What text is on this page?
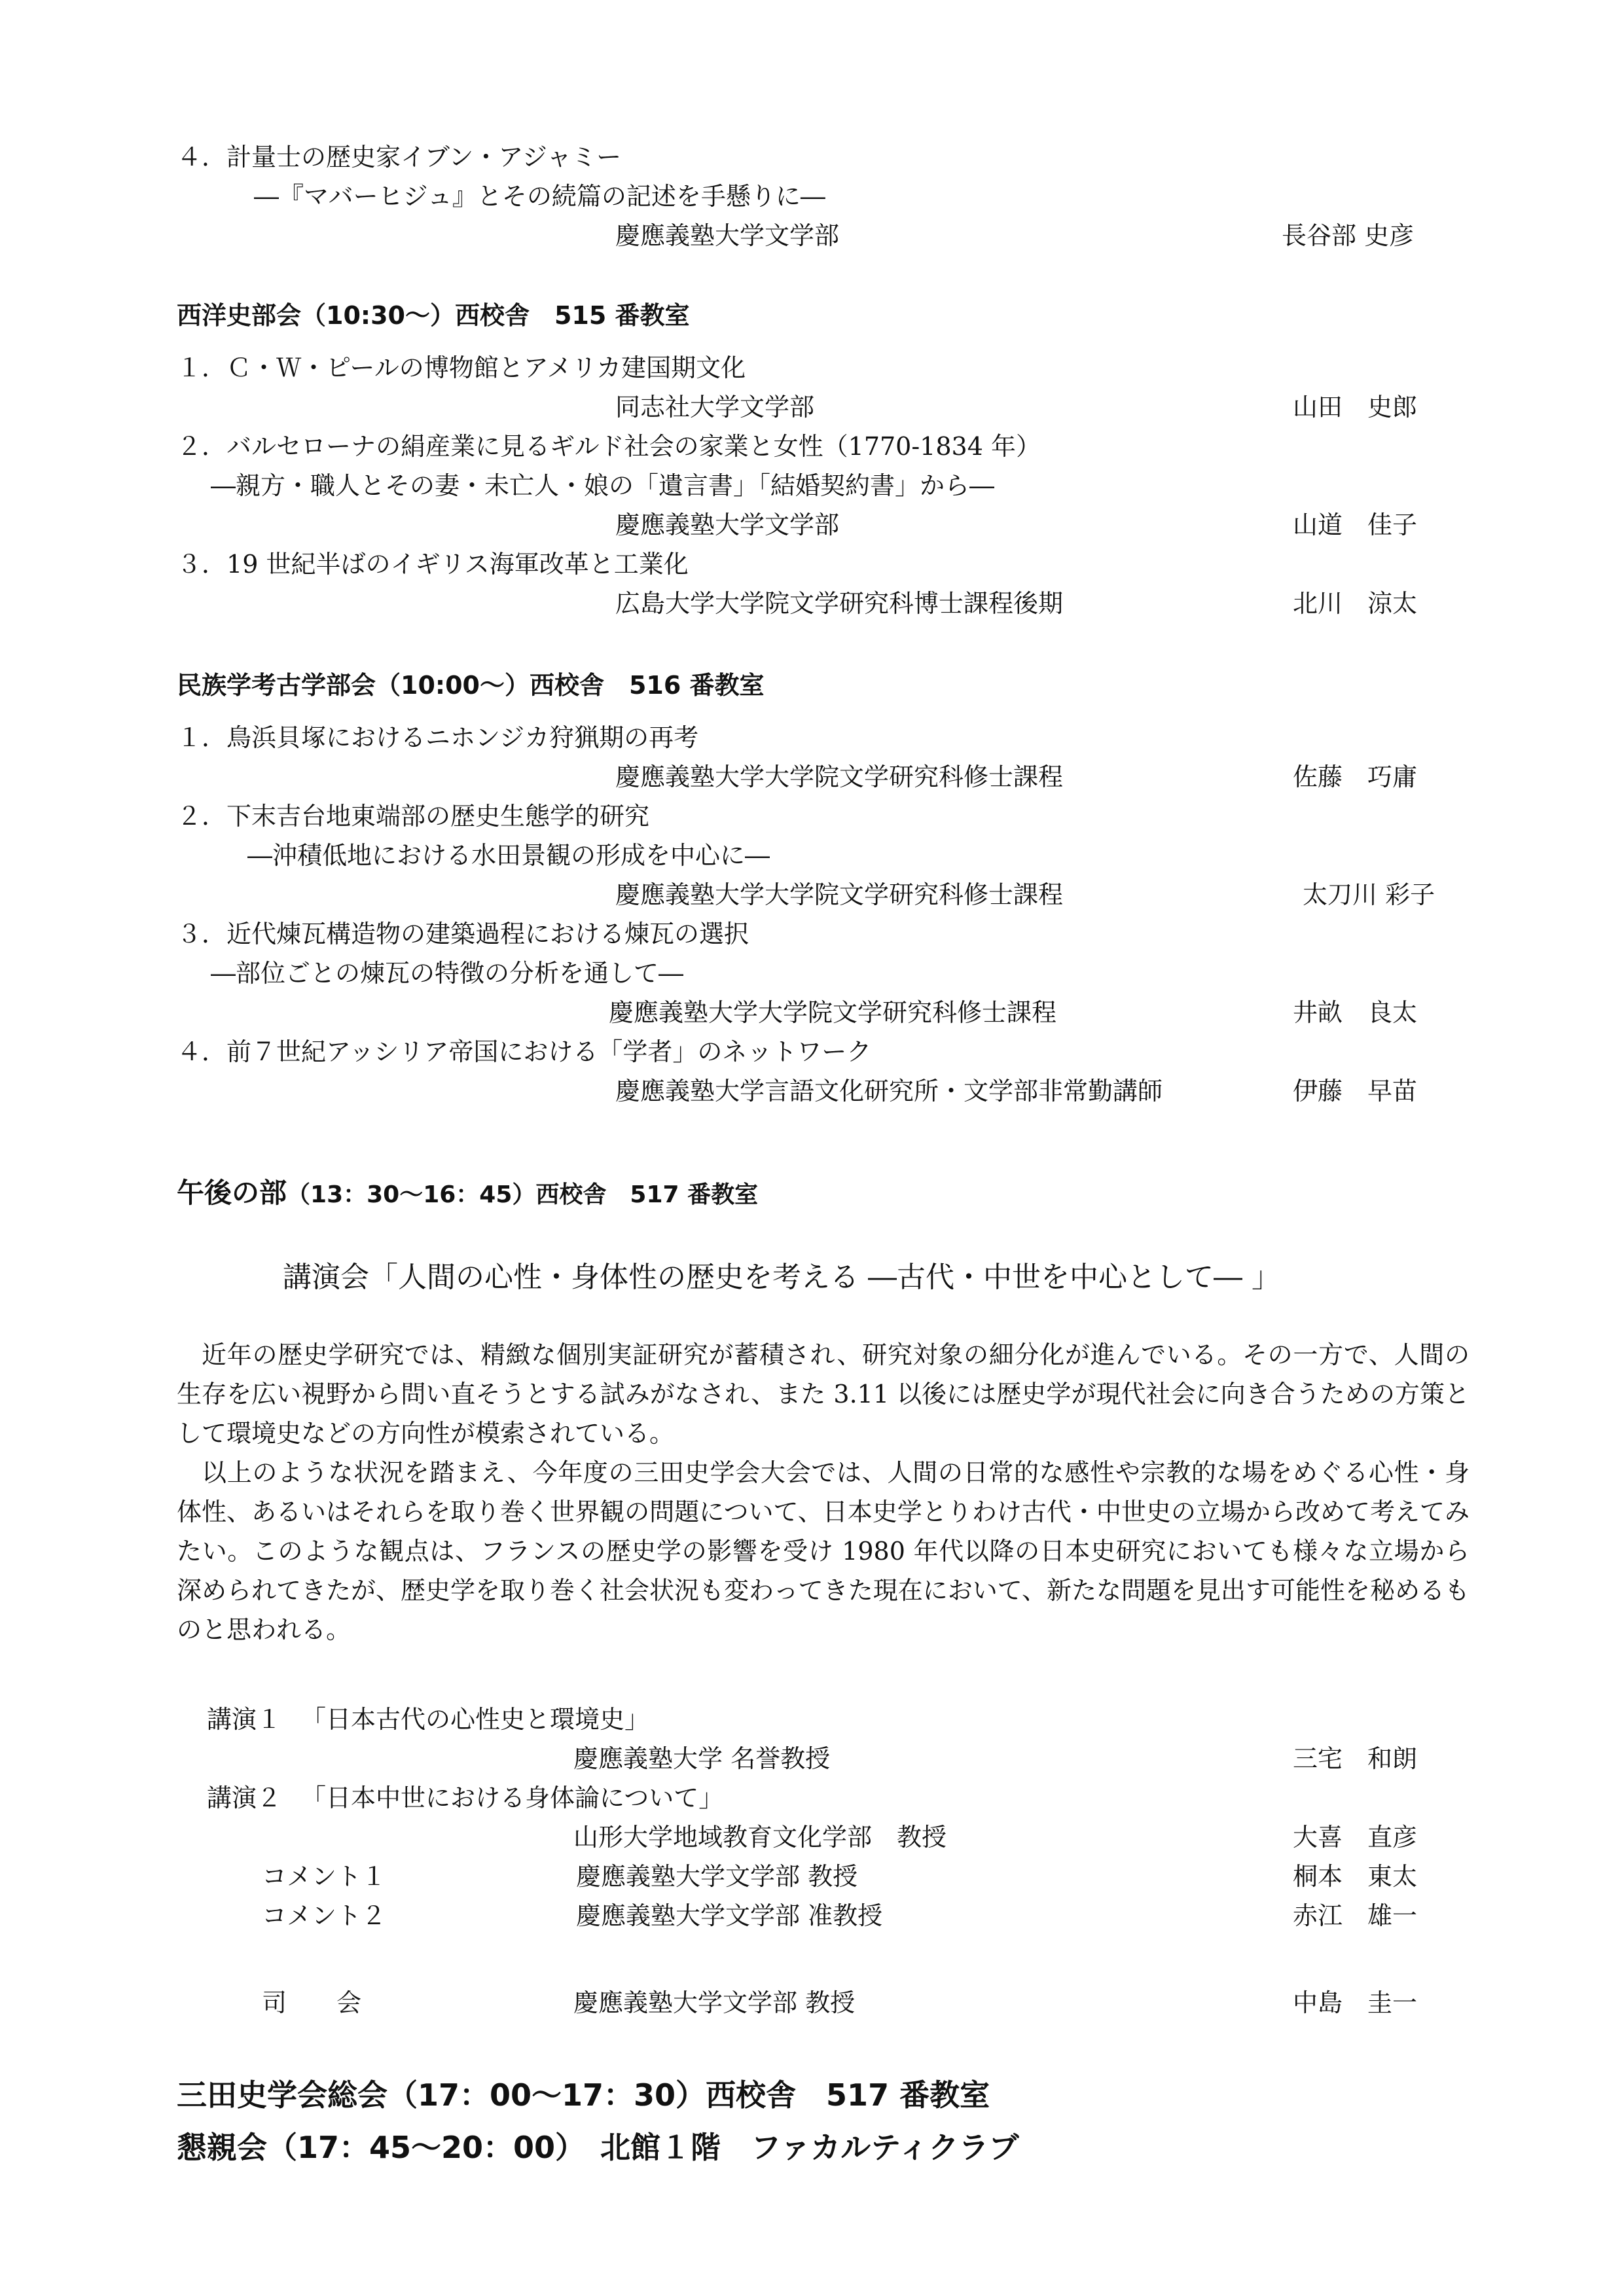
４．計量士の歴史家イブン・アジャミー
―『マバーヒジュ』とその続篇の記述を手懸りに―
慶應義塾大学文学部	長谷部 史彦
西洋史部会（10:30～）西校舎　515 番教室
１．Ｃ・Ｗ・ピールの博物館とアメリカ建国期文化
同志社大学文学部	山田　史郎
２．バルセローナの絹産業に見るギルド社会の家業と女性（1770-1834 年）
―親方・職人とその妻・未亡人・娘の「遺言書」「結婚契約書」から―
慶應義塾大学文学部	山道　佳子
３．19 世紀半ばのイギリス海軍改革と工業化
広島大学大学院文学研究科博士課程後期	北川　涼太
民族学考古学部会（10:00～）西校舎　516 番教室
１．鳥浜貝塚におけるニホンジカ狩猟期の再考
慶應義塾大学大学院文学研究科修士課程	佐藤　巧庸
２．下末吉台地東端部の歴史生態学的研究
―沖積低地における水田景観の形成を中心に―
慶應義塾大学大学院文学研究科修士課程	太刀川 彩子
３．近代煉瓦構造物の建築過程における煉瓦の選択
―部位ごとの煉瓦の特徴の分析を通して―
慶應義塾大学大学院文学研究科修士課程	井畝　良太
４．前７世紀アッシリア帝国における「学者」のネットワーク
慶應義塾大学言語文化研究所・文学部非常勤講師	伊藤　早苗
午後の部（13：30～16：45）西校舎　517 番教室
講演会「人間の心性・身体性の歴史を考える ―古代・中世を中心として― 」

近年の歴史学研究では、精緻な個別実証研究が蓄積され、研究対象の細分化が進んでいる。その一方で、人間の生存を広い視野から問い直そうとする試みがなされ、また 3.11 以後には歴史学が現代社会に向き合うための方策として環境史などの方向性が模索されている。

以上のような状況を踏まえ、今年度の三田史学会大会では、人間の日常的な感性や宗教的な場をめぐる心性・身体性、あるいはそれらを取り巻く世界観の問題について、日本史学とりわけ古代・中世史の立場から改めて考えてみたい。このような観点は、フランスの歴史学の影響を受け 1980 年代以降の日本史研究においても様々な立場から深められてきたが、歴史学を取り巻く社会状況も変わってきた現在において、新たな問題を見出す可能性を秘めるものと思われる。

講演１ 「日本古代の心性史と環境史」
慶應義塾大学 名誉教授	三宅　和朗
講演２ 「日本中世における身体論について」
山形大学地域教育文化学部　教授	大喜　直彦
コメント１	慶應義塾大学文学部 教授	桐本　東太
コメント２	慶應義塾大学文学部 准教授	赤江　雄一
司　　会	慶應義塾大学文学部 教授	中島　圭一
三田史学会総会（17：00～17：30）西校舎　517 番教室
懇親会（17：45～20：00）　北館１階　ファカルティクラブ
